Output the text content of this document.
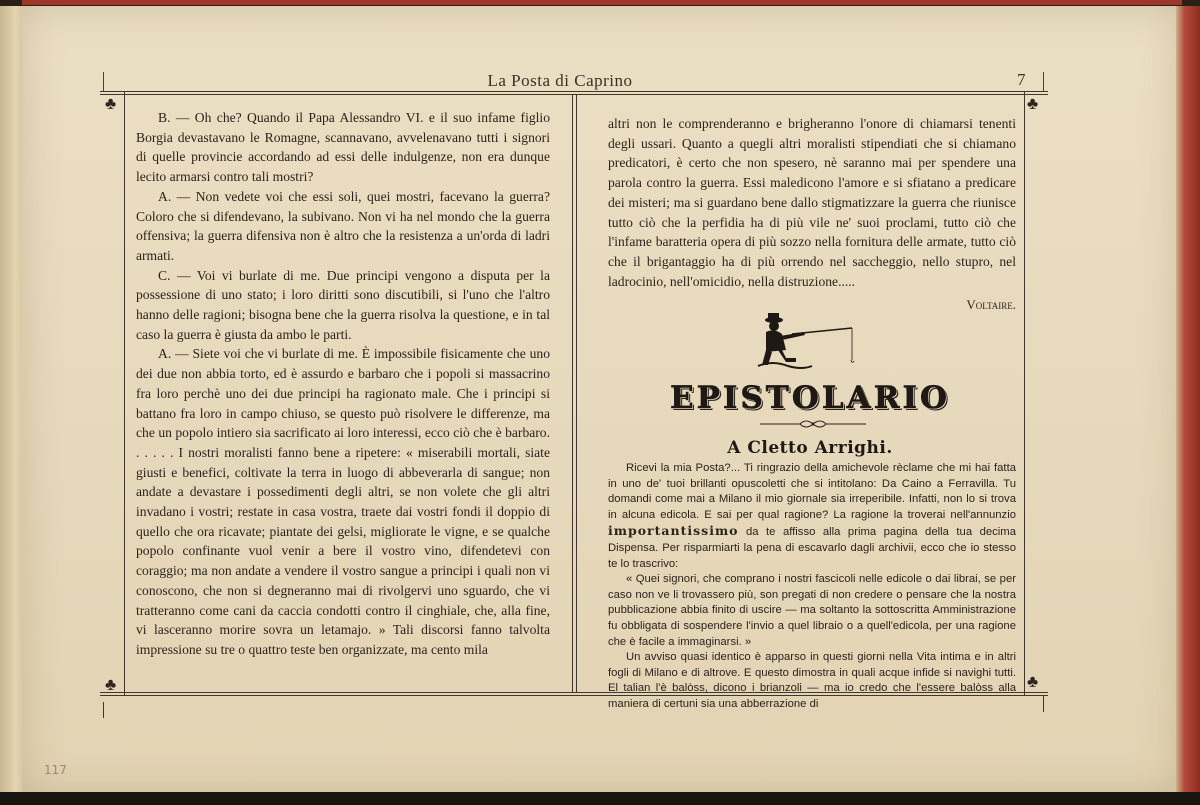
La Posta di Caprino	7
♣	♣
♣	♣

B. — Oh che? Quando il Papa Alessandro VI. e il suo infame figlio Borgia devastavano le Romagne, scannavano, avvelenavano tutti i signori di quelle provincie accordando ad essi delle indulgenze, non era dunque lecito armarsi contro tali mostri?

A. — Non vedete voi che essi soli, quei mostri, facevano la guerra? Coloro che si difendevano, la subivano. Non vi ha nel mondo che la guerra offensiva; la guerra difensiva non è altro che la resistenza a un'orda di ladri armati.

C. — Voi vi burlate di me. Due principi vengono a disputa per la possessione di uno stato; i loro diritti sono discutibili, si l'uno che l'altro hanno delle ragioni; bisogna bene che la guerra risolva la questione, e in tal caso la guerra è giusta da ambo le parti.

A. — Siete voi che vi burlate di me. È impossibile fisicamente che uno dei due non abbia torto, ed è assurdo e barbaro che i popoli si massacrino fra loro perchè uno dei due principi ha ragionato male. Che i principi si battano fra loro in campo chiuso, se questo può risolvere le differenze, ma che un popolo intiero sia sacrificato ai loro interessi, ecco ciò che è barbaro. . . . . . I nostri moralisti fanno bene a ripetere: « miserabili mortali, siate giusti e benefici, coltivate la terra in luogo di abbeverarla di sangue; non andate a devastare i possedimenti degli altri, se non volete che gli altri invadano i vostri; restate in casa vostra, traete dai vostri fondi il doppio di quello che ora ricavate; piantate dei gelsi, migliorate le vigne, e se qualche popolo confinante vuol venir a bere il vostro vino, difendetevi con coraggio; ma non andate a vendere il vostro sangue a principi i quali non vi conoscono, che non si degneranno mai di rivolgervi uno sguardo, che vi tratteranno come cani da caccia condotti contro il cinghiale, che, alla fine, vi lasceranno morire sovra un letamajo. » Tali discorsi fanno talvolta impressione su tre o quattro teste ben organizzate, ma cento mila

altri non le comprenderanno e brigheranno l'onore di chiamarsi tenenti degli ussari. Quanto a quegli altri moralisti stipendiati che si chiamano predicatori, è certo che non spesero, nè saranno mai per spendere una parola contro la guerra. Essi maledicono l'amore e si sfiatano a predicare dei misteri; ma si guardano bene dallo stigmatizzare la guerra che riunisce tutto ciò che la perfidia ha di più vile ne' suoi proclami, tutto ciò che l'infame baratteria opera di più sozzo nella fornitura delle armate, tutto ciò che il brigantaggio ha di più orrendo nel saccheggio, nello stupro, nel ladrocinio, nell'omicidio, nella distruzione.....

Voltaire.
EPISTOLARIO
A Cletto Arrighi.

Ricevi la mia Posta?... Ti ringrazio della amichevole rèclame che mi hai fatta in uno de' tuoi brillanti opuscoletti che si intitolano: Da Caino a Ferravilla. Tu domandi come mai a Milano il mio giornale sia irreperibile. Infatti, non lo si trova in alcuna edicola. E sai per qual ragione? La ragione la troverai nell'annunzio importantissimo da te affisso alla prima pagina della tua decima Dispensa. Per risparmiarti la pena di escavarlo dagli archivii, ecco che io stesso te lo trascrivo:

« Quei signori, che comprano i nostri fascicoli nelle edicole o dai librai, se per caso non ve li trovassero più, son pregati di non credere o pensare che la nostra pubblicazione abbia finito di uscire — ma soltanto la sottoscritta Amministrazione fu obbligata di sospendere l'invio a quel libraio o a quell'edicola, per una ragione che è facile a immaginarsi. »

Un avviso quasi identico è apparso in questi giorni nella Vita intima e in altri fogli di Milano e di altrove. E questo dimostra in quali acque infide si navighi tutti. El talian l'è balòss, dicono i brianzoli — ma io credo che l'essere balòss alla maniera di certuni sia una abberrazione di

117
